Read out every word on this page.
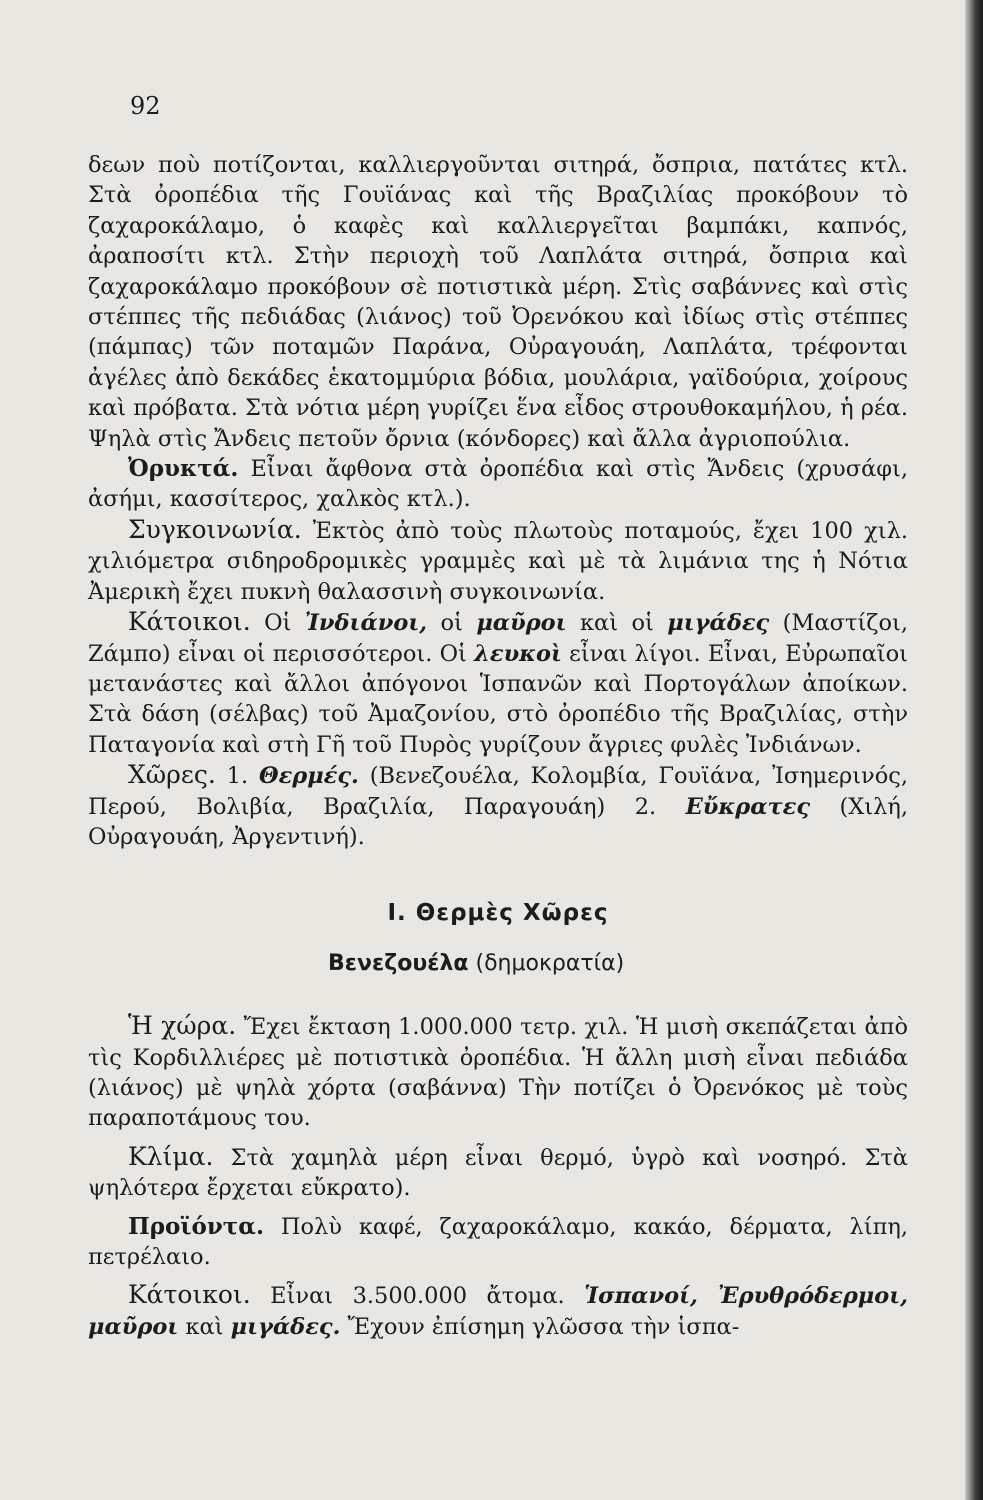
92

δεων ποὺ ποτίζονται, καλλιεργοῦνται σιτηρά, ὄσπρια, πατάτες κτλ. Στὰ ὀροπέδια τῆς Γουϊάνας καὶ τῆς Βραζιλίας προκόβουν τὸ ζαχαροκάλαμο, ὁ καφὲς καὶ καλλιεργεῖται βαμπάκι, καπνός, ἀραποσίτι κτλ. Στὴν περιοχὴ τοῦ Λαπλάτα σιτηρά, ὄσπρια καὶ ζαχαροκάλαμο προκόβουν σὲ ποτιστικὰ μέρη. Στὶς σαβάννες καὶ στὶς στέππες τῆς πεδιάδας (λιάνος) τοῦ Ὀρενόκου καὶ ἰδίως στὶς στέππες (πάμπας) τῶν ποταμῶν Παράνα, Οὐραγουάη, Λαπλάτα, τρέφονται ἀγέλες ἀπὸ δεκάδες ἑκατομμύρια βόδια, μουλάρια, γαϊδούρια, χοίρους καὶ πρόβατα. Στὰ νότια μέρη γυρίζει ἕνα εἶδος στρουθοκαμήλου, ἡ ρέα. Ψηλὰ στὶς Ἄνδεις πετοῦν ὄρνια (κόνδορες) καὶ ἄλλα ἀγριοπούλια.

Ὀρυκτά. Εἶναι ἄφθονα στὰ ὀροπέδια καὶ στὶς Ἄνδεις (χρυσάφι, ἀσήμι, κασσίτερος, χαλκὸς κτλ.).

Συγκοινωνία. Ἐκτὸς ἀπὸ τοὺς πλωτοὺς ποταμούς, ἔχει 100 χιλ. χιλιόμετρα σιδηροδρομικὲς γραμμὲς καὶ μὲ τὰ λιμάνια της ἡ Νότια Ἀμερικὴ ἔχει πυκνὴ θαλασσινὴ συγκοινωνία.

Κάτοικοι. Οἱ Ἰνδιάνοι, οἱ μαῦροι καὶ οἱ μιγάδες (Μαστίζοι, Ζάμπο) εἶναι οἱ περισσότεροι. Οἱ λευκοὶ εἶναι λίγοι. Εἶναι, Εὐρωπαῖοι μετανάστες καὶ ἄλλοι ἀπόγονοι Ἱσπανῶν καὶ Πορτογάλων ἀποίκων. Στὰ δάση (σέλβας) τοῦ Ἀμαζονίου, στὸ ὀροπέδιο τῆς Βραζιλίας, στὴν Παταγονία καὶ στὴ Γῆ τοῦ Πυρὸς γυρίζουν ἄγριες φυλὲς Ἰνδιάνων.

Χῶρες. 1. Θερμές. (Βενεζουέλα, Κολομβία, Γουϊάνα, Ἰσημερινός, Περού, Βολιβία, Βραζιλία, Παραγουάη) 2. Εὔκρατες (Χιλή, Οὐραγουάη, Ἀργεντινή).

Ι. Θερμὲς Χῶρες
Βενεζουέλα (δημοκρατία)

Ἡ χώρα. Ἔχει ἔκταση 1.000.000 τετρ. χιλ. Ἡ μισὴ σκεπάζεται ἀπὸ τὶς Κορδιλλιέρες μὲ ποτιστικὰ ὀροπέδια. Ἡ ἄλλη μισὴ εἶναι πεδιάδα (λιάνος) μὲ ψηλὰ χόρτα (σαβάννα) Τὴν ποτίζει ὁ Ὀρενόκος μὲ τοὺς παραποτάμους του.

Κλίμα. Στὰ χαμηλὰ μέρη εἶναι θερμό, ὑγρὸ καὶ νοσηρό. Στὰ ψηλότερα ἔρχεται εὔκρατο).

Προϊόντα. Πολὺ καφέ, ζαχαροκάλαμο, κακάο, δέρματα, λίπη, πετρέλαιο.

Κάτοικοι. Εἶναι 3.500.000 ἄτομα. Ἱσπανοί, Ἐρυθρόδερμοι, μαῦροι καὶ μιγάδες. Ἔχουν ἐπίσημη γλῶσσα τὴν ἱσπα-
